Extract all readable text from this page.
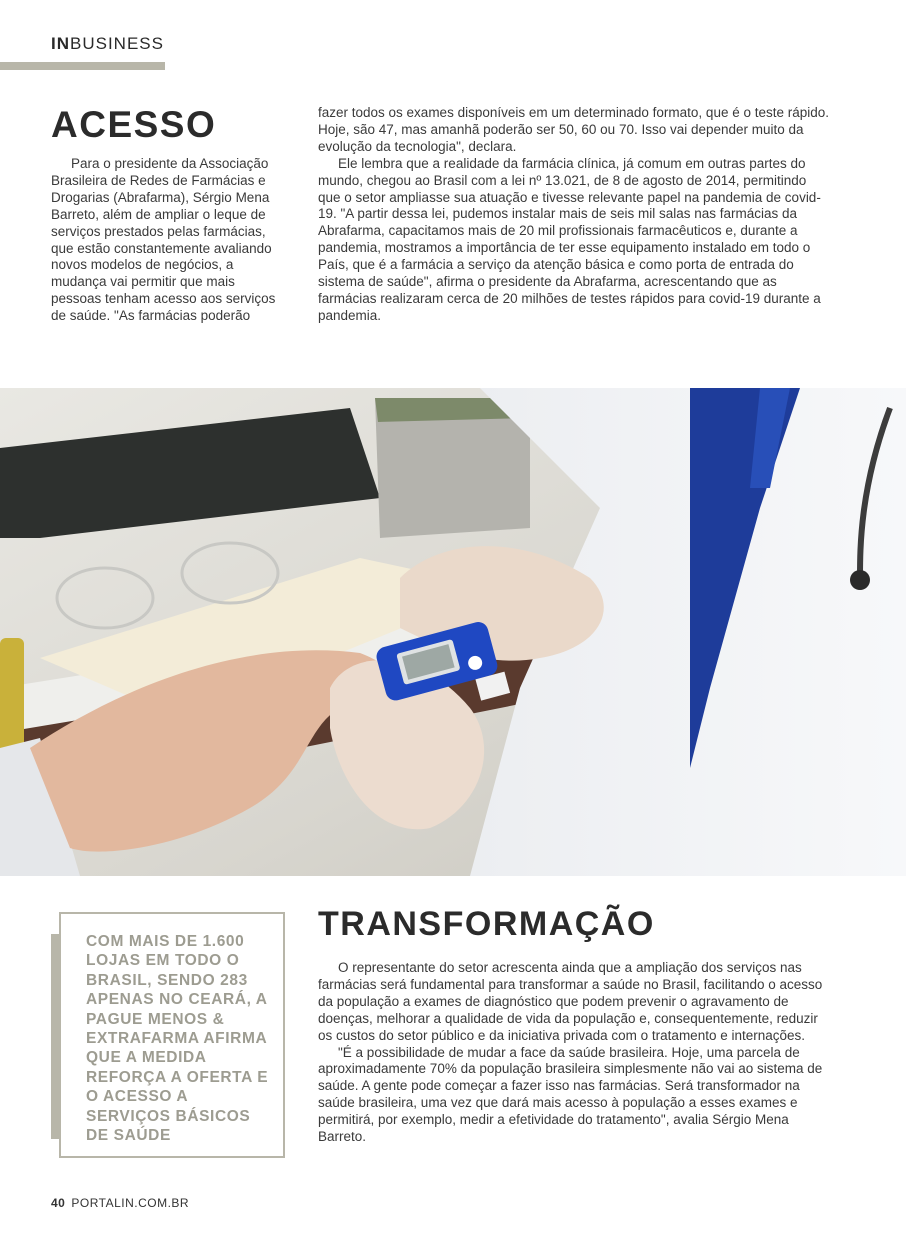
INBUSINESS
ACESSO

Para o presidente da Associação Brasileira de Redes de Farmácias e Drogarias (Abrafarma), Sérgio Mena Barreto, além de ampliar o leque de serviços prestados pelas farmácias, que estão constantemente avaliando novos modelos de negócios, a mudança vai permitir que mais pessoas tenham acesso aos serviços de saúde. "As farmácias poderão

fazer todos os exames disponíveis em um determinado formato, que é o teste rápido. Hoje, são 47, mas amanhã poderão ser 50, 60 ou 70. Isso vai depender muito da evolução da tecnologia", declara.

Ele lembra que a realidade da farmácia clínica, já comum em outras partes do mundo, chegou ao Brasil com a lei nº 13.021, de 8 de agosto de 2014, permitindo que o setor ampliasse sua atuação e tivesse relevante papel na pandemia de covid-19. "A partir dessa lei, pudemos instalar mais de seis mil salas nas farmácias da Abrafarma, capacitamos mais de 20 mil profissionais farmacêuticos e, durante a pandemia, mostramos a importância de ter esse equipamento instalado em todo o País, que é a farmácia a serviço da atenção básica e como porta de entrada do sistema de saúde", afirma o presidente da Abrafarma, acrescentando que as farmácias realizaram cerca de 20 milhões de testes rápidos para covid-19 durante a pandemia.

COM MAIS DE 1.600 LOJAS EM TODO O BRASIL, SENDO 283 APENAS NO CEARÁ, A PAGUE MENOS & EXTRAFARMA AFIRMA QUE A MEDIDA REFORÇA A OFERTA E O ACESSO A SERVIÇOS BÁSICOS DE SAÚDE

TRANSFORMAÇÃO

O representante do setor acrescenta ainda que a ampliação dos serviços nas farmácias será fundamental para transformar a saúde no Brasil, facilitando o acesso da população a exames de diagnóstico que podem prevenir o agravamento de doenças, melhorar a qualidade de vida da população e, consequentemente, reduzir os custos do setor público e da iniciativa privada com o tratamento e internações.

"É a possibilidade de mudar a face da saúde brasileira. Hoje, uma parcela de aproximadamente 70% da população brasileira simplesmente não vai ao sistema de saúde. A gente pode começar a fazer isso nas farmácias. Será transformador na saúde brasileira, uma vez que dará mais acesso à população a esses exames e permitirá, por exemplo, medir a efetividade do tratamento", avalia Sérgio Mena Barreto.

40 PORTALIN.COM.BR
